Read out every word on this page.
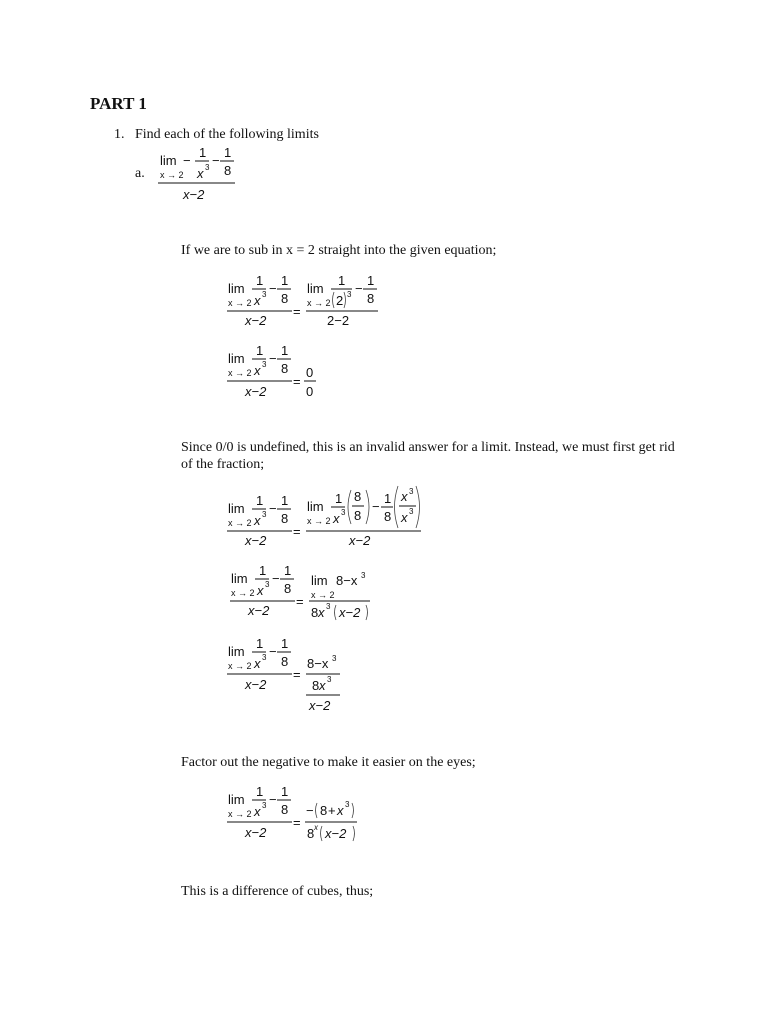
PART 1
1. Find each of the following limits
a.
lim
x → 2
−
1
x 3 −
1
8
x−2
If we are to sub in x = 2 straight into the given equation;
lim
x → 2
1
x 3 −
1
8
x−2
=
lim
x → 2
1
2 3 −
1
8
2−2
lim
x → 2
1
x 3 −
1
8
x−2
=
0
0
Since 0/0 is undefined, this is an invalid answer for a limit. Instead, we must first get rid of the fraction;
lim
x → 2
1
x 3 −
1
8
x−2
=
lim
x → 2
1
x 3
8
8
−
1
8
x 3
x 3
x−2
lim
x → 2
1
x 3 −
1
8
x−2
=
lim
x → 2
8−x 3
8 x 3 x−2
lim
x → 2
1
x 3 −
1
8
x−2
=
8−x 3
8 x 3
x−2
Factor out the negative to make it easier on the eyes;
lim
x → 2
1
x 3 −
1
8
x−2
=
− 8 + x 3
8 x x−2
This is a difference of cubes, thus;
